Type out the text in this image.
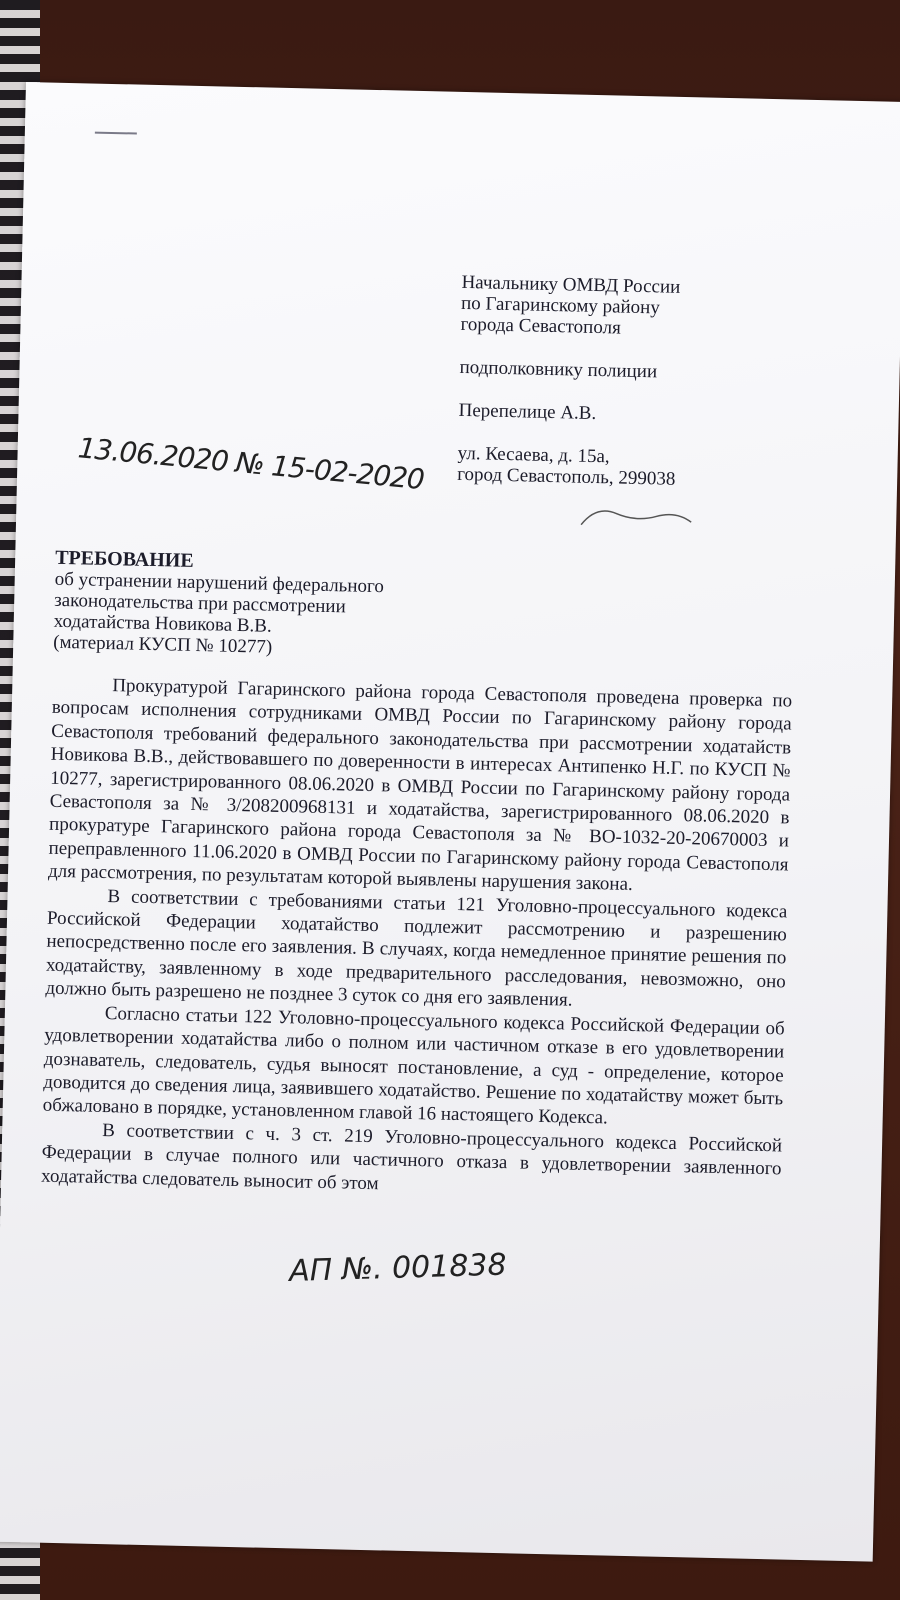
Начальнику ОМВД России
по Гагаринскому району
города Севастополя
подполковнику полиции
Перепелице А.В.
ул. Кесаева, д. 15а,
город Севастополь, 299038
13.06.2020 № 15-02-2020
ТРЕБОВАНИЕ
об устранении нарушений федерального
законодательства при рассмотрении
ходатайства Новикова В.В.
(материал КУСП № 10277)

Прокуратурой Гагаринского района города Севастополя проведена проверка по вопросам исполнения сотрудниками ОМВД России по Гагаринскому району города Севастополя требований федерального законодательства при рассмотрении ходатайств Новикова В.В., действовавшего по доверенности в интересах Антипенко Н.Г. по КУСП № 10277, зарегистрированного 08.06.2020 в ОМВД России по Гагаринскому району города Севастополя за № 3/208200968131 и ходатайства, зарегистрированного 08.06.2020 в прокуратуре Гагаринского района города Севастополя за № ВО-1032-20-20670003 и переправленного 11.06.2020 в ОМВД России по Гагаринскому району города Севастополя для рассмотрения, по результатам которой выявлены нарушения закона.

В соответствии с требованиями статьи 121 Уголовно-процессуального кодекса Российской Федерации ходатайство подлежит рассмотрению и разрешению непосредственно после его заявления. В случаях, когда немедленное принятие решения по ходатайству, заявленному в ходе предварительного расследования, невозможно, оно должно быть разрешено не позднее 3 суток со дня его заявления.

Согласно статьи 122 Уголовно-процессуального кодекса Российской Федерации об удовлетворении ходатайства либо о полном или частичном отказе в его удовлетворении дознаватель, следователь, судья выносят постановление, а суд - определение, которое доводится до сведения лица, заявившего ходатайство. Решение по ходатайству может быть обжаловано в порядке, установленном главой 16 настоящего Кодекса.

В соответствии с ч. 3 ст. 219 Уголовно-процессуального кодекса Российской Федерации в случае полного или частичного отказа в удовлетворении заявленного ходатайства следователь выносит об этом

АП №. 001838
